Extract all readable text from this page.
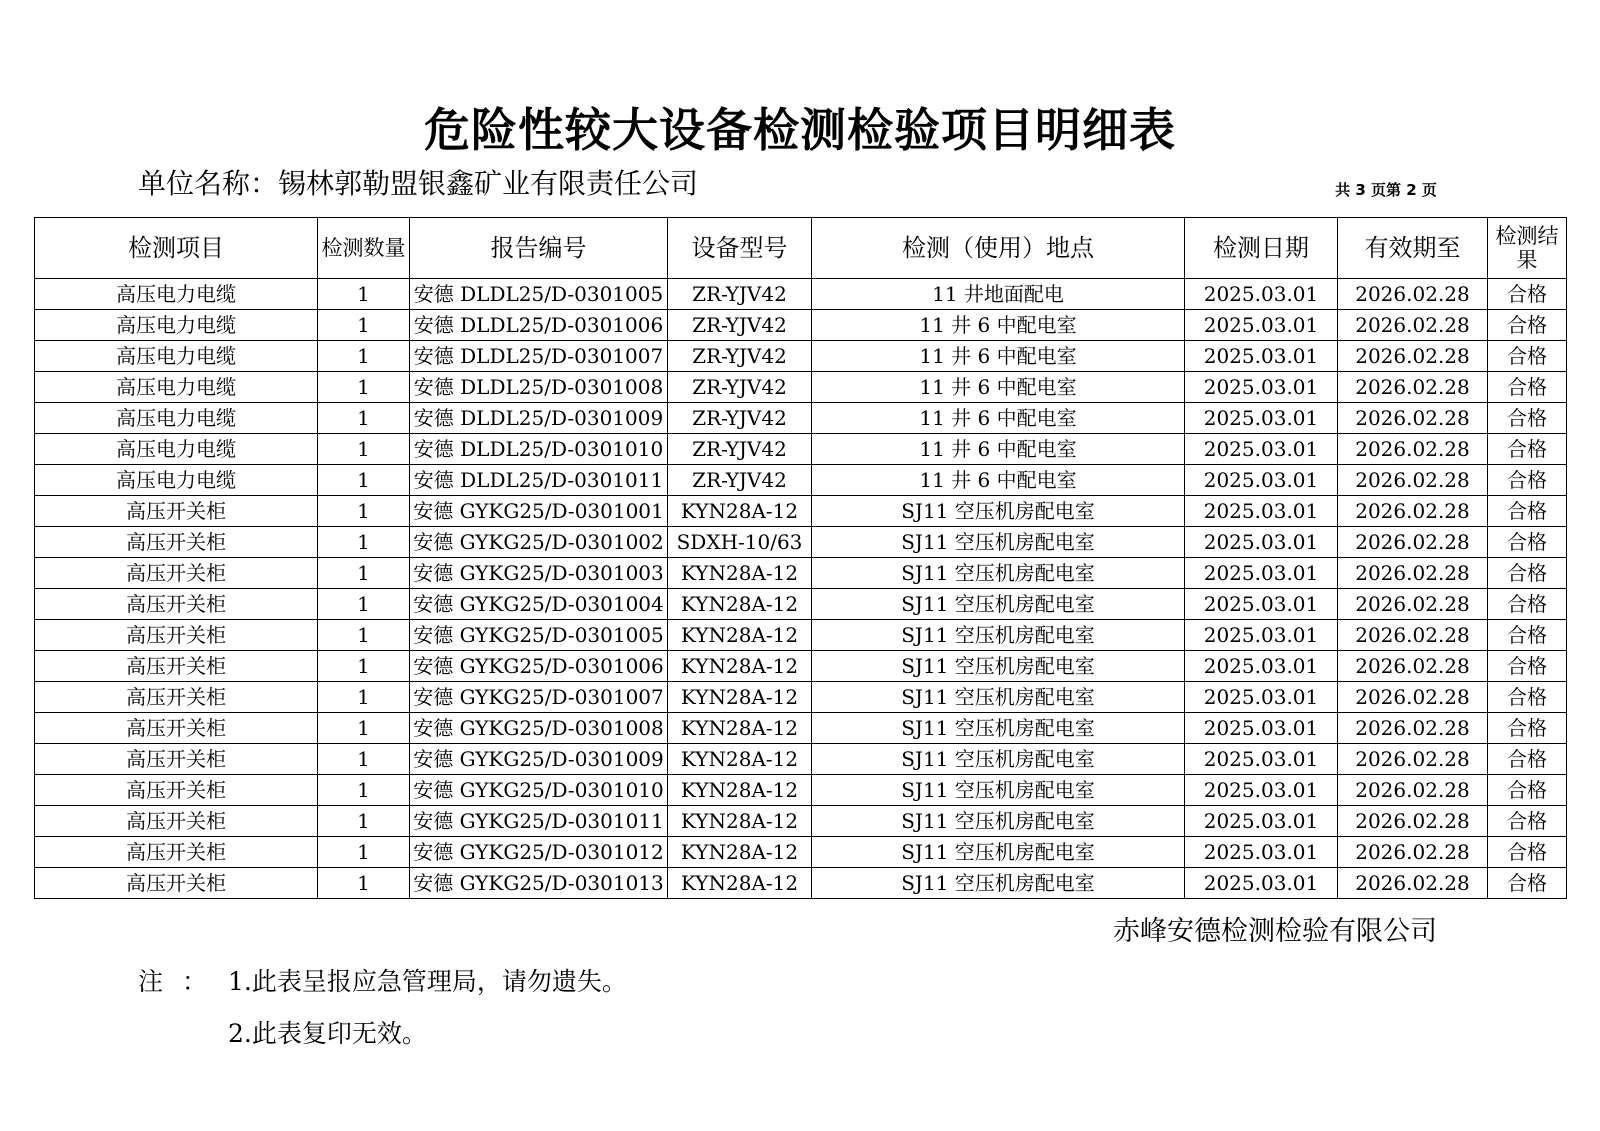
危险性较大设备检测检验项目明细表
单位名称：锡林郭勒盟银鑫矿业有限责任公司	共 3 页第 2 页
检测项目	检测数量	报告编号	设备型号	检测（使用）地点	检测日期	有效期至	检测结果
高压电力电缆	1	安德 DLDL25/D-0301005	ZR-YJV42	11 井地面配电	2025.03.01	2026.02.28	合格
高压电力电缆	1	安德 DLDL25/D-0301006	ZR-YJV42	11 井 6 中配电室	2025.03.01	2026.02.28	合格
高压电力电缆	1	安德 DLDL25/D-0301007	ZR-YJV42	11 井 6 中配电室	2025.03.01	2026.02.28	合格
高压电力电缆	1	安德 DLDL25/D-0301008	ZR-YJV42	11 井 6 中配电室	2025.03.01	2026.02.28	合格
高压电力电缆	1	安德 DLDL25/D-0301009	ZR-YJV42	11 井 6 中配电室	2025.03.01	2026.02.28	合格
高压电力电缆	1	安德 DLDL25/D-0301010	ZR-YJV42	11 井 6 中配电室	2025.03.01	2026.02.28	合格
高压电力电缆	1	安德 DLDL25/D-0301011	ZR-YJV42	11 井 6 中配电室	2025.03.01	2026.02.28	合格
高压开关柜	1	安德 GYKG25/D-0301001	KYN28A-12	SJ11 空压机房配电室	2025.03.01	2026.02.28	合格
高压开关柜	1	安德 GYKG25/D-0301002	SDXH-10/63	SJ11 空压机房配电室	2025.03.01	2026.02.28	合格
高压开关柜	1	安德 GYKG25/D-0301003	KYN28A-12	SJ11 空压机房配电室	2025.03.01	2026.02.28	合格
高压开关柜	1	安德 GYKG25/D-0301004	KYN28A-12	SJ11 空压机房配电室	2025.03.01	2026.02.28	合格
高压开关柜	1	安德 GYKG25/D-0301005	KYN28A-12	SJ11 空压机房配电室	2025.03.01	2026.02.28	合格
高压开关柜	1	安德 GYKG25/D-0301006	KYN28A-12	SJ11 空压机房配电室	2025.03.01	2026.02.28	合格
高压开关柜	1	安德 GYKG25/D-0301007	KYN28A-12	SJ11 空压机房配电室	2025.03.01	2026.02.28	合格
高压开关柜	1	安德 GYKG25/D-0301008	KYN28A-12	SJ11 空压机房配电室	2025.03.01	2026.02.28	合格
高压开关柜	1	安德 GYKG25/D-0301009	KYN28A-12	SJ11 空压机房配电室	2025.03.01	2026.02.28	合格
高压开关柜	1	安德 GYKG25/D-0301010	KYN28A-12	SJ11 空压机房配电室	2025.03.01	2026.02.28	合格
高压开关柜	1	安德 GYKG25/D-0301011	KYN28A-12	SJ11 空压机房配电室	2025.03.01	2026.02.28	合格
高压开关柜	1	安德 GYKG25/D-0301012	KYN28A-12	SJ11 空压机房配电室	2025.03.01	2026.02.28	合格
高压开关柜	1	安德 GYKG25/D-0301013	KYN28A-12	SJ11 空压机房配电室	2025.03.01	2026.02.28	合格
赤峰安德检测检验有限公司
注 ： 1.此表呈报应急管理局，请勿遗失。
2.此表复印无效。
